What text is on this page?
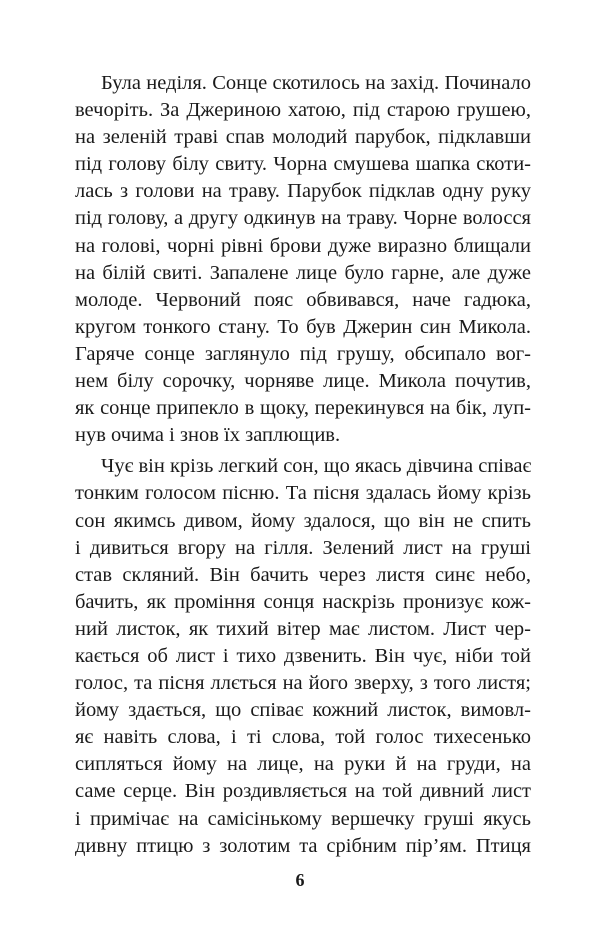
Була неділя. Сонце скотилось на захід. Починало
вечоріть. За Джериною хатою, під старою грушею,
на зеленій траві спав молодий парубок, підклавши
під голову білу свиту. Чорна смушева шапка скоти-
лась з голови на траву. Парубок підклав одну руку
під голову, а другу одкинув на траву. Чорне волосся
на голові, чорні рівні брови дуже виразно блищали
на білій свиті. Запалене лице було гарне, але дуже
молоде. Червоний пояс обвивався, наче гадюка,
кругом тонкого стану. То був Джерин син Микола.
Гаряче сонце заглянуло під грушу, обсипало вог-
нем білу сорочку, чорняве лице. Микола почутив,
як сонце припекло в щоку, перекинувся на бік, луп-
нув очима і знов їх заплющив.
Чує він крізь легкий сон, що якась дівчина співає
тонким голосом пісню. Та пісня здалась йому крізь
сон якимсь дивом, йому здалося, що він не спить
і дивиться вгору на гілля. Зелений лист на груші
став скляний. Він бачить через листя синє небо,
бачить, як проміння сонця наскрізь пронизує кож-
ний листок, як тихий вітер має листом. Лист чер-
кається об лист і тихо дзвенить. Він чує, ніби той
голос, та пісня ллється на його зверху, з того листя;
йому здається, що співає кожний листок, вимовл-
яє навіть слова, і ті слова, той голос тихесенько
сипляться йому на лице, на руки й на груди, на
саме серце. Він роздивляється на той дивний лист
і примічає на самісінькому вершечку груші якусь
дивну птицю з золотим та срібним пір’ям. Птиця
6
